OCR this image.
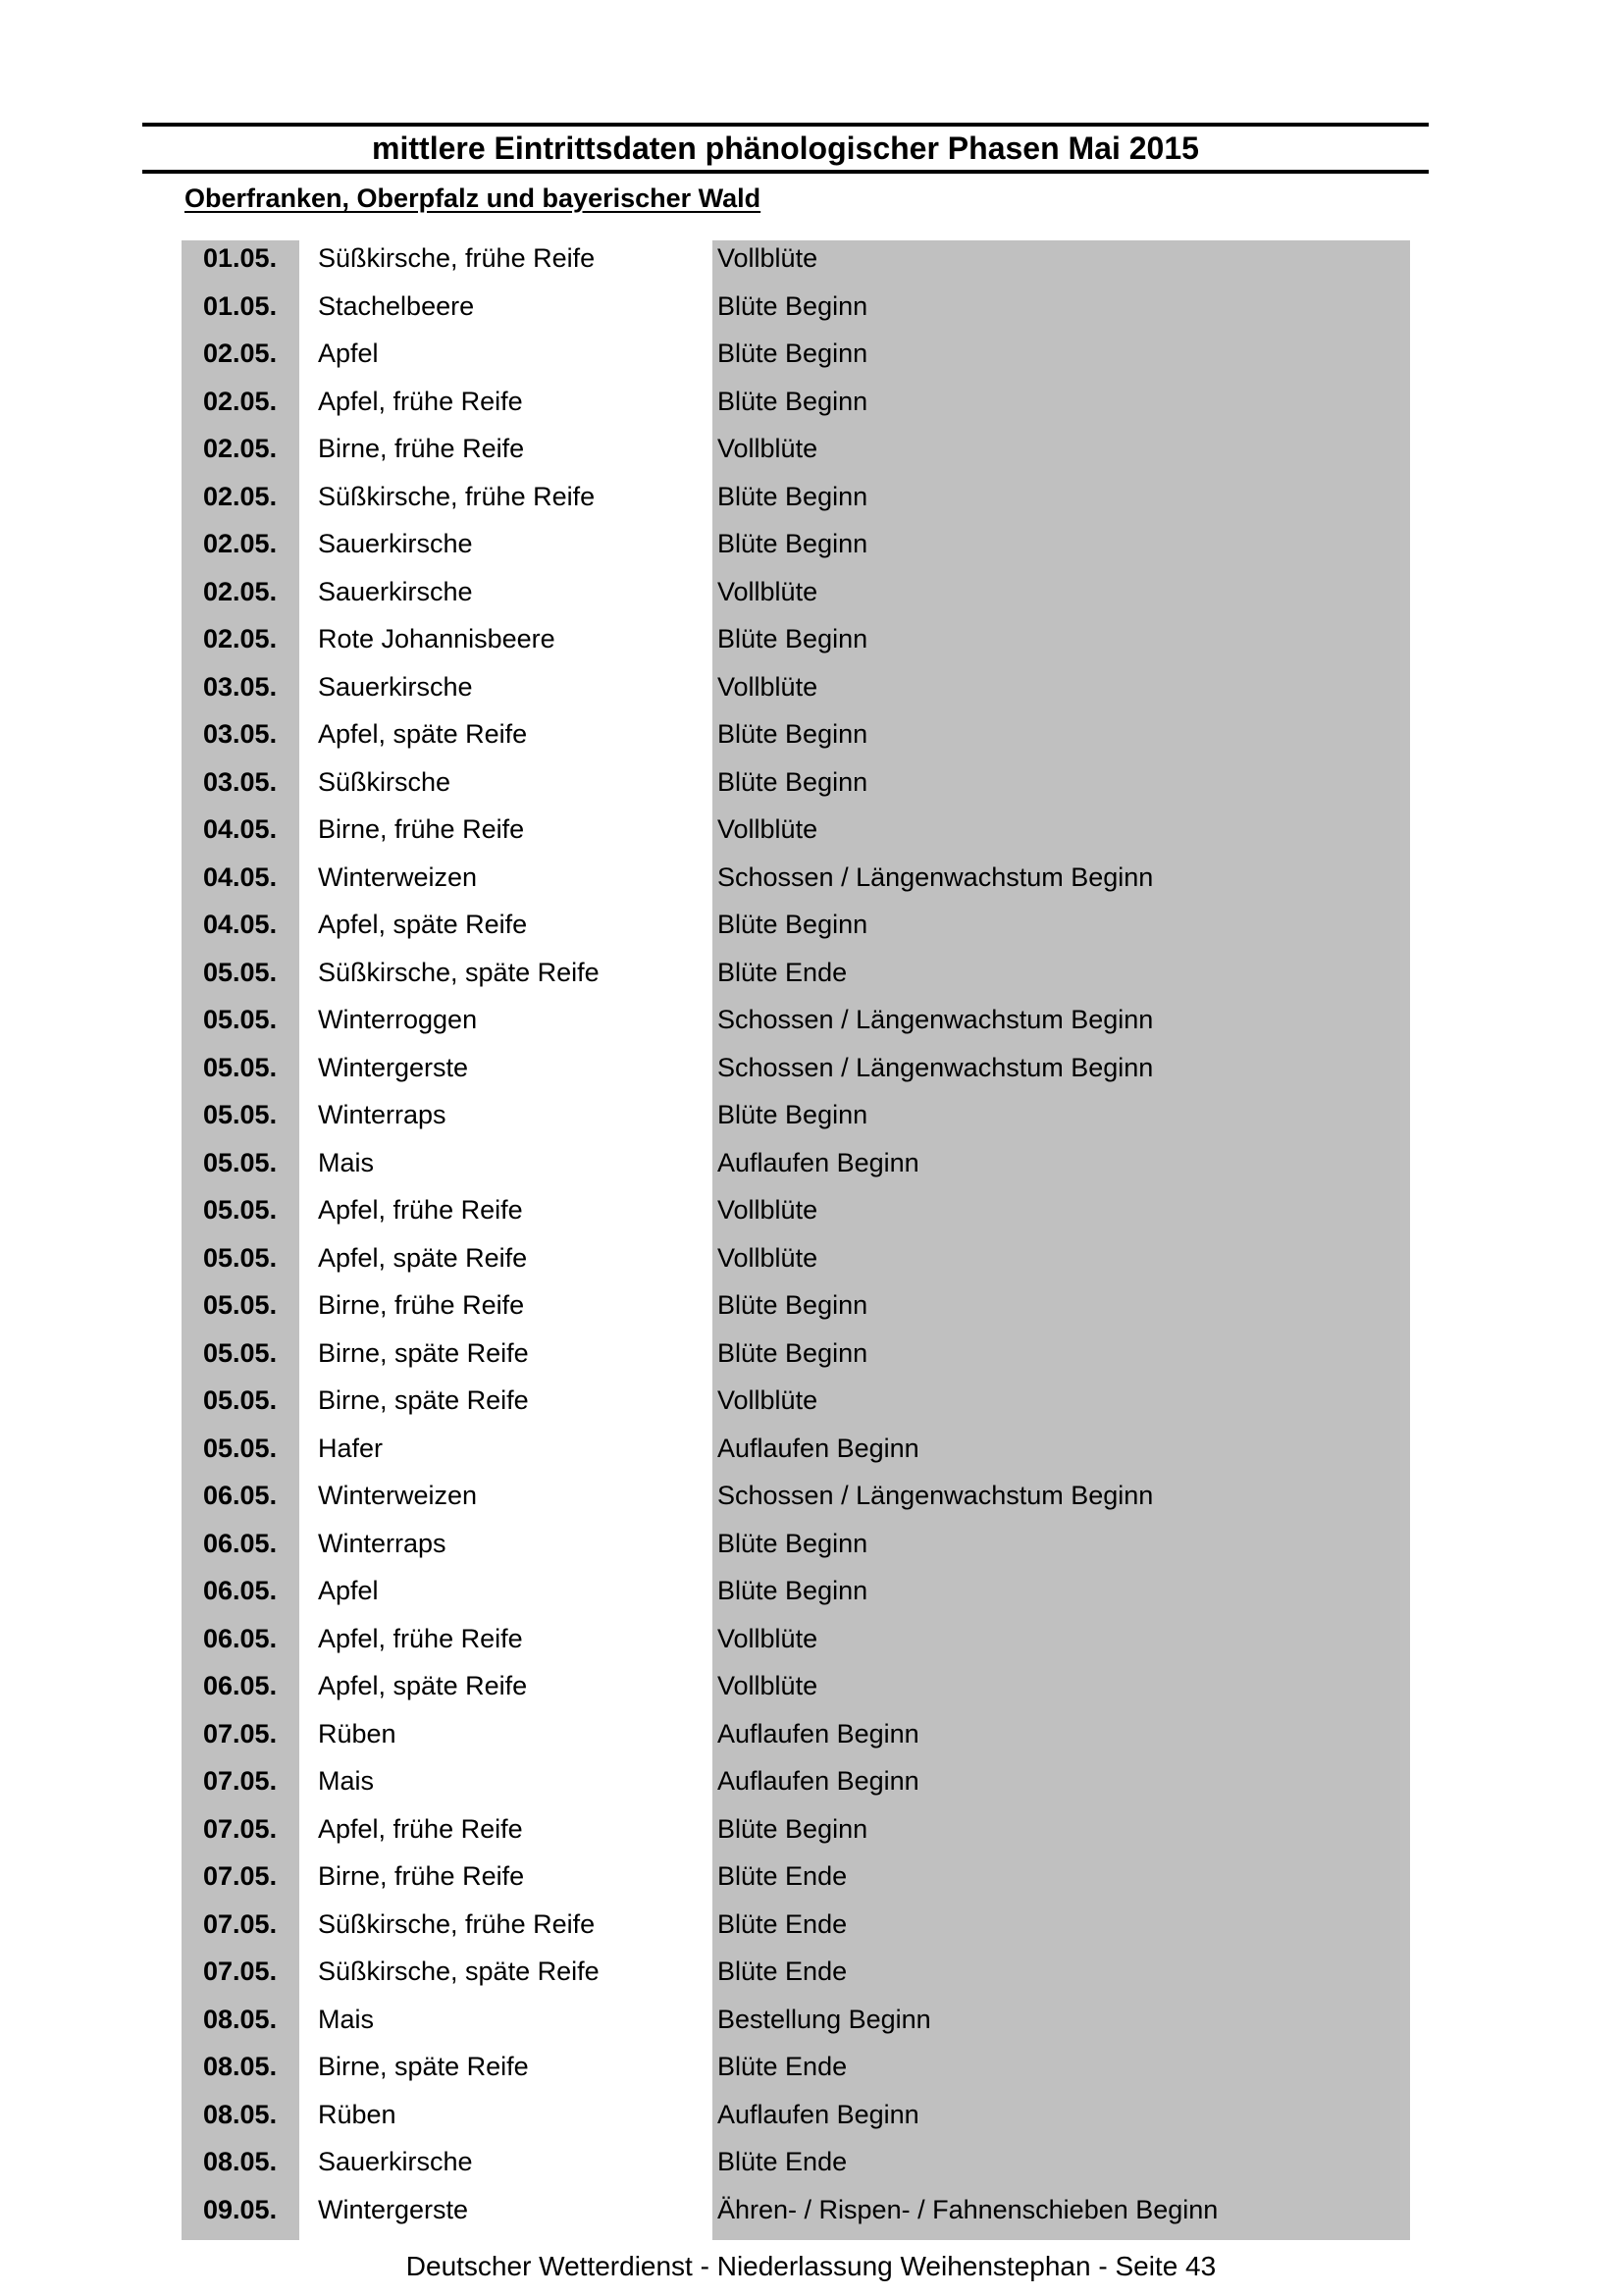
mittlere Eintrittsdaten phänologischer Phasen Mai 2015
Oberfranken, Oberpfalz und bayerischer Wald
01.05. Süßkirsche, frühe Reife	Vollblüte
01.05. Stachelbeere	Blüte Beginn
02.05. Apfel	Blüte Beginn
02.05. Apfel, frühe Reife	Blüte Beginn
02.05. Birne, frühe Reife	Vollblüte
02.05. Süßkirsche, frühe Reife	Blüte Beginn
02.05. Sauerkirsche	Blüte Beginn
02.05. Sauerkirsche	Vollblüte
02.05. Rote Johannisbeere	Blüte Beginn
03.05. Sauerkirsche	Vollblüte
03.05. Apfel, späte Reife	Blüte Beginn
03.05. Süßkirsche	Blüte Beginn
04.05. Birne, frühe Reife	Vollblüte
04.05. Winterweizen	Schossen / Längenwachstum Beginn
04.05. Apfel, späte Reife	Blüte Beginn
05.05. Süßkirsche, späte Reife	Blüte Ende
05.05. Winterroggen	Schossen / Längenwachstum Beginn
05.05. Wintergerste	Schossen / Längenwachstum Beginn
05.05. Winterraps	Blüte Beginn
05.05. Mais	Auflaufen Beginn
05.05. Apfel, frühe Reife	Vollblüte
05.05. Apfel, späte Reife	Vollblüte
05.05. Birne, frühe Reife	Blüte Beginn
05.05. Birne, späte Reife	Blüte Beginn
05.05. Birne, späte Reife	Vollblüte
05.05. Hafer	Auflaufen Beginn
06.05. Winterweizen	Schossen / Längenwachstum Beginn
06.05. Winterraps	Blüte Beginn
06.05. Apfel	Blüte Beginn
06.05. Apfel, frühe Reife	Vollblüte
06.05. Apfel, späte Reife	Vollblüte
07.05. Rüben	Auflaufen Beginn
07.05. Mais	Auflaufen Beginn
07.05. Apfel, frühe Reife	Blüte Beginn
07.05. Birne, frühe Reife	Blüte Ende
07.05. Süßkirsche, frühe Reife	Blüte Ende
07.05. Süßkirsche, späte Reife	Blüte Ende
08.05. Mais	Bestellung Beginn
08.05. Birne, späte Reife	Blüte Ende
08.05. Rüben	Auflaufen Beginn
08.05. Sauerkirsche	Blüte Ende
09.05. Wintergerste	Ähren- / Rispen- / Fahnenschieben Beginn
Deutscher Wetterdienst - Niederlassung Weihenstephan - Seite 43
